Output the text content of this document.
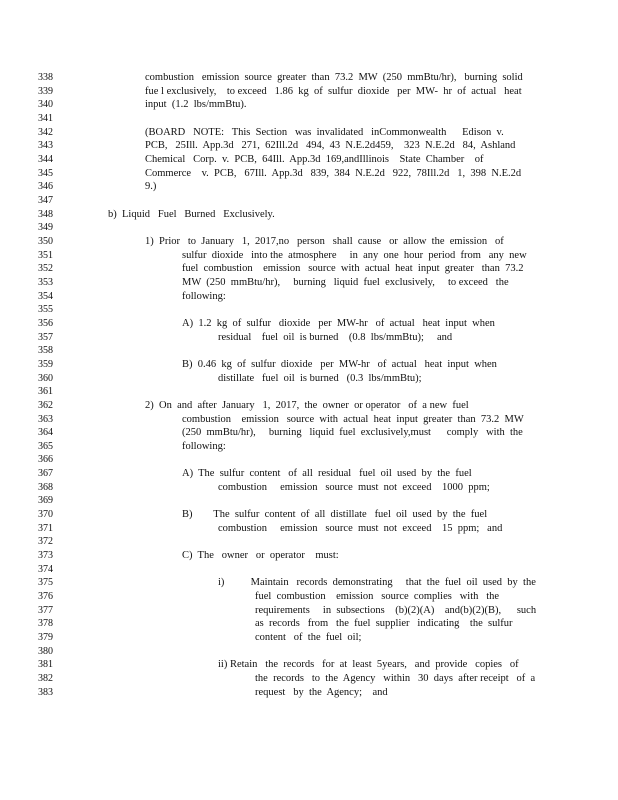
338	combustion   emission  source  greater  than  73.2  MW  (250  mmBtu/hr),   burning  solid
339	fue l exclusively,    to exceed   1.86  kg  of  sulfur  dioxide   per  MW-  hr  of  actual   heat
340	input  (1.2  lbs/mmBtu).
341
342	(BOARD   NOTE:   This  Section   was  invalidated   inCommonwealth      Edison  v.
343	PCB,   25Ill.  App.3d   271,  62Ill.2d   494,  43  N.E.2d459,    323  N.E.2d   84,  Ashland
344	Chemical   Corp.  v.  PCB,  64Ill.  App.3d  169,andIllinois    State  Chamber    of
345	Commerce    v.  PCB,   67Ill.  App.3d   839,  384  N.E.2d   922,  78Ill.2d   1,  398  N.E.2d
346	9.)
347
348	b)  Liquid   Fuel   Burned   Exclusively.
349
350	1)  Prior   to  January   1,  2017,no   person   shall  cause   or  allow  the  emission   of
351	sulfur  dioxide   into the  atmosphere     in  any  one  hour  period  from   any  new
352	fuel  combustion    emission   source  with  actual  heat  input  greater   than  73.2
353	MW  (250  mmBtu/hr),     burning   liquid  fuel  exclusively,     to exceed   the
354	following:
355
356	A)  1.2  kg  of  sulfur   dioxide   per  MW-hr   of  actual   heat  input  when
357	residual    fuel  oil  is burned    (0.8  lbs/mmBtu);     and
358
359	B)  0.46  kg  of  sulfur  dioxide   per  MW-hr   of  actual   heat  input  when
360	distillate   fuel  oil  is burned   (0.3  lbs/mmBtu);
361
362	2)  On  and  after  January   1,  2017,  the  owner  or operator   of  a new  fuel
363	combustion    emission   source  with  actual  heat  input  greater  than  73.2  MW
364	(250  mmBtu/hr),     burning   liquid  fuel  exclusively,must      comply   with  the
365	following:
366
367	A)  The  sulfur  content   of  all  residual   fuel  oil  used  by  the  fuel
368	combustion     emission   source  must  not  exceed    1000  ppm;
369
370	B)        The  sulfur  content  of  all  distillate   fuel  oil  used  by  the  fuel
371	combustion     emission   source  must  not  exceed    15  ppm;   and
372
373	C)  The   owner   or  operator    must:
374
375	i)          Maintain   records  demonstrating     that  the  fuel  oil  used  by  the
376	fuel  combustion    emission   source  complies   with   the
377	requirements     in  subsections    (b)(2)(A)    and(b)(2)(B),      such
378	as  records   from   the  fuel  supplier   indicating    the  sulfur
379	content   of  the  fuel  oil;
380
381	ii) Retain   the  records   for  at  least  5years,   and  provide   copies   of
382	the  records   to  the  Agency   within   30  days  after receipt   of  a
383	request   by  the  Agency;    and
